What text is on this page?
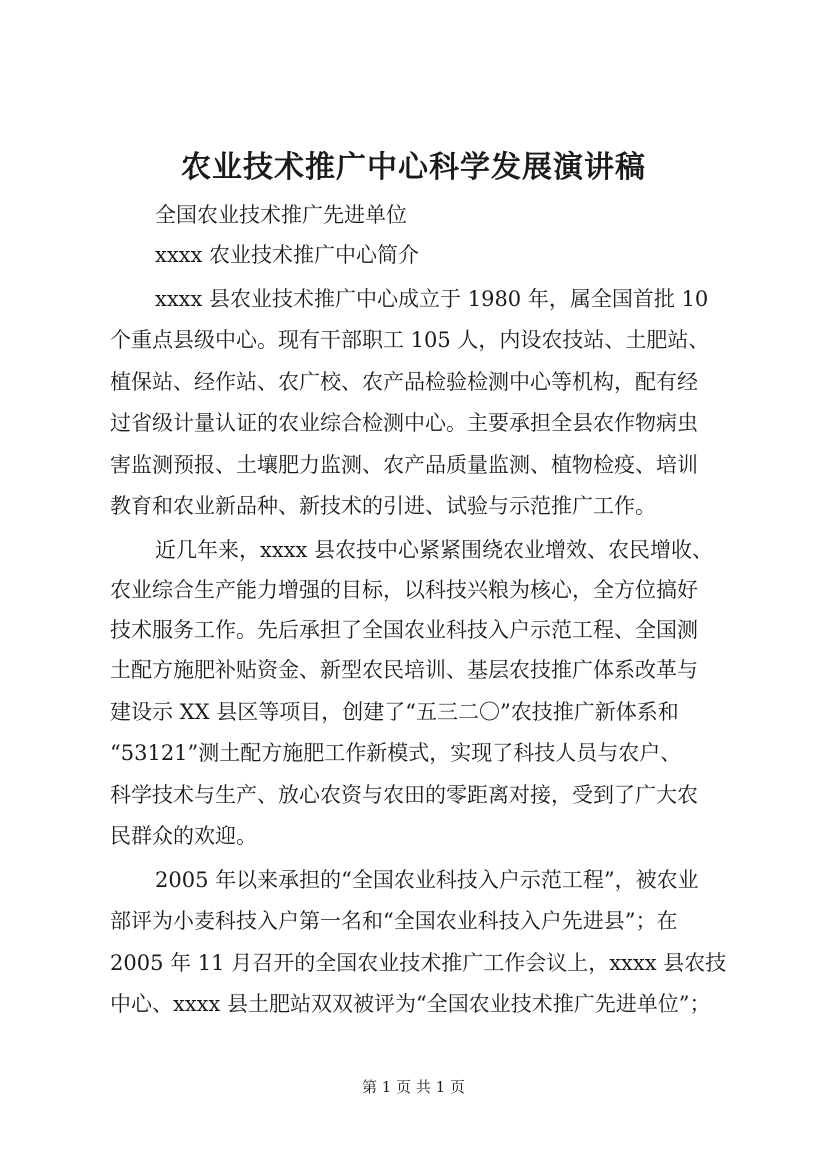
农业技术推广中心科学发展演讲稿
全国农业技术推广先进单位
xxxx 农业技术推广中心简介
xxxx 县农业技术推广中心成立于 1980 年，属全国首批 10
个重点县级中心。现有干部职工 105 人，内设农技站、土肥站、
植保站、经作站、农广校、农产品检验检测中心等机构，配有经
过省级计量认证的农业综合检测中心。主要承担全县农作物病虫
害监测预报、土壤肥力监测、农产品质量监测、植物检疫、培训
教育和农业新品种、新技术的引进、试验与示范推广工作。
近几年来，xxxx 县农技中心紧紧围绕农业增效、农民增收、
农业综合生产能力增强的目标，以科技兴粮为核心，全方位搞好
技术服务工作。先后承担了全国农业科技入户示范工程、全国测
土配方施肥补贴资金、新型农民培训、基层农技推广体系改革与
建设示 XX 县区等项目，创建了“五三二〇”农技推广新体系和
“53121”测土配方施肥工作新模式，实现了科技人员与农户、
科学技术与生产、放心农资与农田的零距离对接，受到了广大农
民群众的欢迎。
2005 年以来承担的“全国农业科技入户示范工程”，被农业
部评为小麦科技入户第一名和“全国农业科技入户先进县”；在
2005 年 11 月召开的全国农业技术推广工作会议上，xxxx 县农技
中心、xxxx 县土肥站双双被评为“全国农业技术推广先进单位”；
第 1 页 共 1 页
